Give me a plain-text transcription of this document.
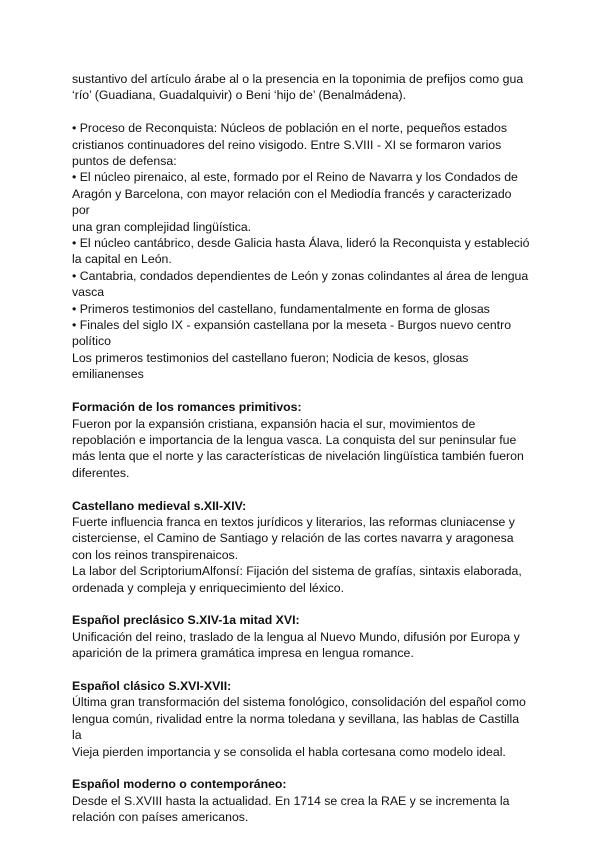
sustantivo del artículo árabe al o la presencia en la toponimia de prefijos como gua

‘río’ (Guadiana, Guadalquivir) o Beni ‘hijo de’ (Benalmádena).

• Proceso de Reconquista: Núcleos de población en el norte, pequeños estados

cristianos continuadores del reino visigodo. Entre S.VIII - XI se formaron varios

puntos de defensa:

• El núcleo pirenaico, al este, formado por el Reino de Navarra y los Condados de

Aragón y Barcelona, con mayor relación con el Mediodía francés y caracterizado por

una gran complejidad lingüística.

• El núcleo cantábrico, desde Galicia hasta Álava, lideró la Reconquista y estableció

la capital en León.

• Cantabria, condados dependientes de León y zonas colindantes al área de lengua

vasca

• Primeros testimonios del castellano, fundamentalmente en forma de glosas

• Finales del siglo IX - expansión castellana por la meseta - Burgos nuevo centro

político

Los primeros testimonios del castellano fueron; Nodicia de kesos, glosas

emilianenses

Formación de los romances primitivos:

Fueron por la expansión cristiana, expansión hacia el sur, movimientos de

repoblación e importancia de la lengua vasca. La conquista del sur peninsular fue

más lenta que el norte y las características de nivelación lingüística también fueron

diferentes.

Castellano medieval s.XII-XIV:

Fuerte influencia franca en textos jurídicos y literarios, las reformas cluniacense y

cisterciense, el Camino de Santiago y relación de las cortes navarra y aragonesa

con los reinos transpirenaicos.

La labor del ScriptoriumAlfonsí: Fijación del sistema de grafías, sintaxis elaborada,

ordenada y compleja y enriquecimiento del léxico.

Español preclásico S.XIV-1a mitad XVI:

Unificación del reino, traslado de la lengua al Nuevo Mundo, difusión por Europa y

aparición de la primera gramática impresa en lengua romance.

Español clásico S.XVI-XVII:

Última gran transformación del sistema fonológico, consolidación del español como

lengua común, rivalidad entre la norma toledana y sevillana, las hablas de Castilla la

Vieja pierden importancia y se consolida el habla cortesana como modelo ideal.

Español moderno o contemporáneo:

Desde el S.XVIII hasta la actualidad. En 1714 se crea la RAE y se incrementa la

relación con países americanos.
